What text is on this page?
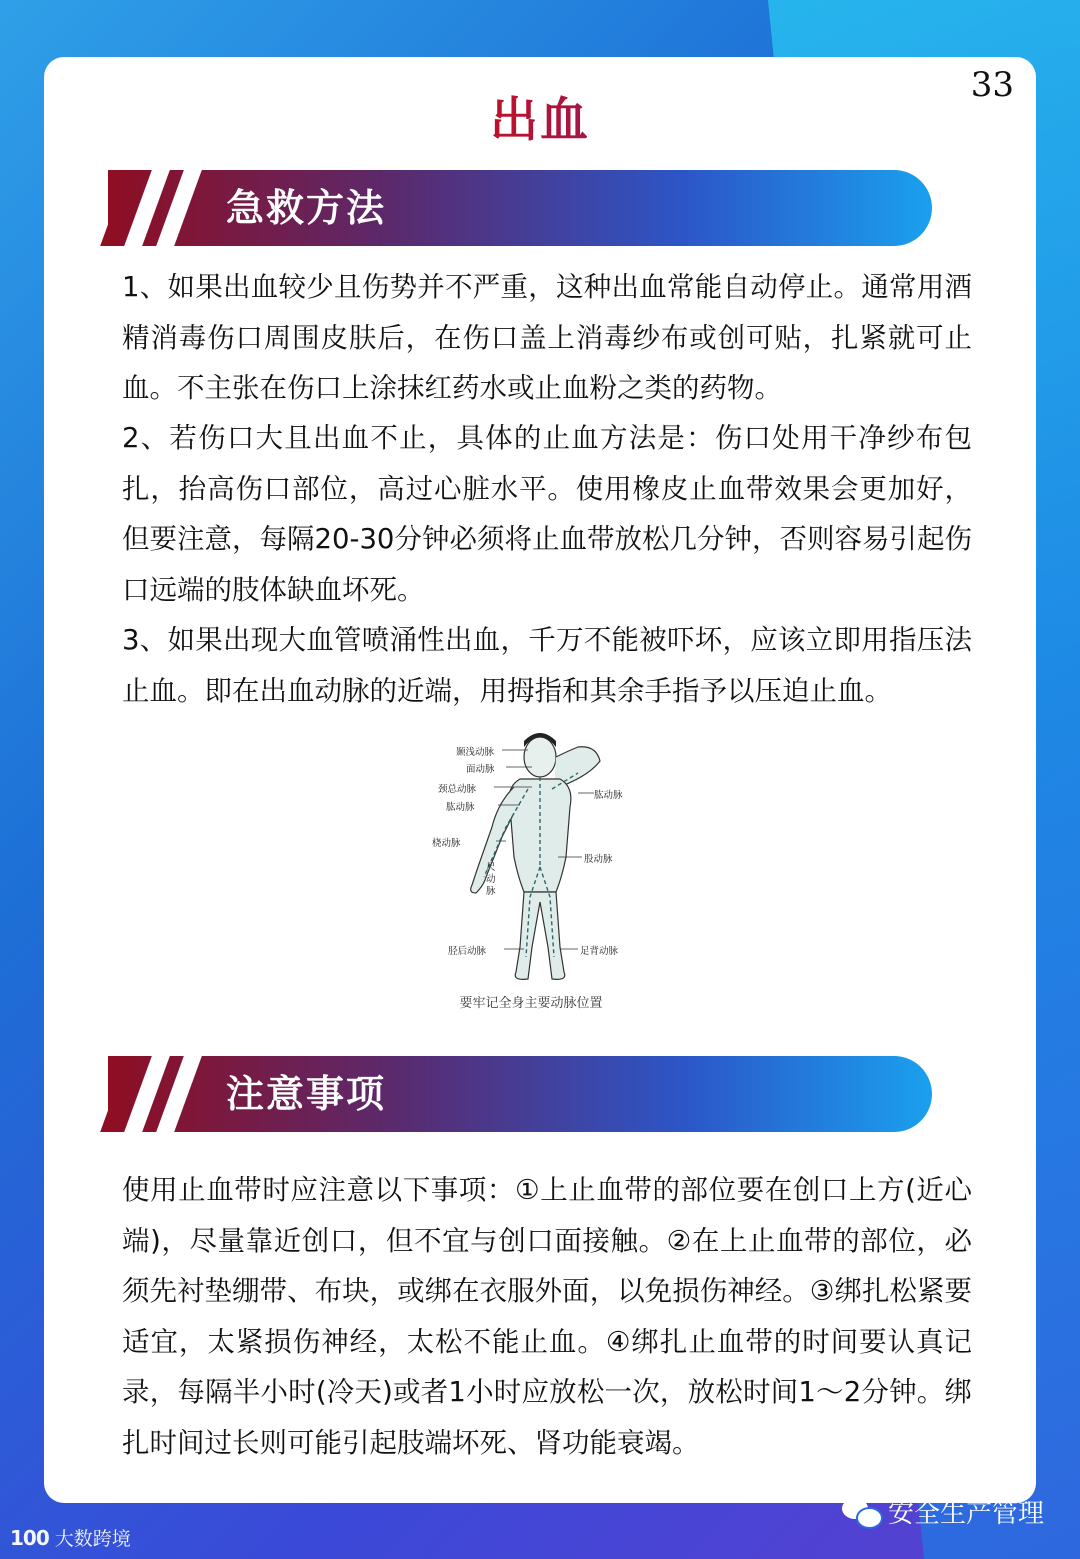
出血
急救方法
1、如果出血较少且伤势并不严重，这种出血常能自动停止。通常用酒精消毒伤口周围皮肤后，在伤口盖上消毒纱布或创可贴，扎紧就可止血。不主张在伤口上涂抹红药水或止血粉之类的药物。
2、若伤口大且出血不止，具体的止血方法是：伤口处用干净纱布包扎，抬高伤口部位，高过心脏水平。使用橡皮止血带效果会更加好，但要注意，每隔20-30分钟必须将止血带放松几分钟，否则容易引起伤口远端的肢体缺血坏死。
3、如果出现大血管喷涌性出血，千万不能被吓坏，应该立即用指压法止血。即在出血动脉的近端，用拇指和其余手指予以压迫止血。
颞浅动脉
面动脉
颈总动脉
肱动脉
桡动脉
尺动脉
胫后动脉
肱动脉
股动脉
足背动脉
要牢记全身主要动脉位置
注意事项
使用止血带时应注意以下事项：①上止血带的部位要在创口上方(近心端)，尽量靠近创口，但不宜与创口面接触。②在上止血带的部位，必须先衬垫绷带、布块，或绑在衣服外面，以免损伤神经。③绑扎松紧要适宜，太紧损伤神经，太松不能止血。④绑扎止血带的时间要认真记录，每隔半小时(冷天)或者1小时应放松一次，放松时间1～2分钟。绑扎时间过长则可能引起肢端坏死、肾功能衰竭。
安全生产管理
100 大数跨境
